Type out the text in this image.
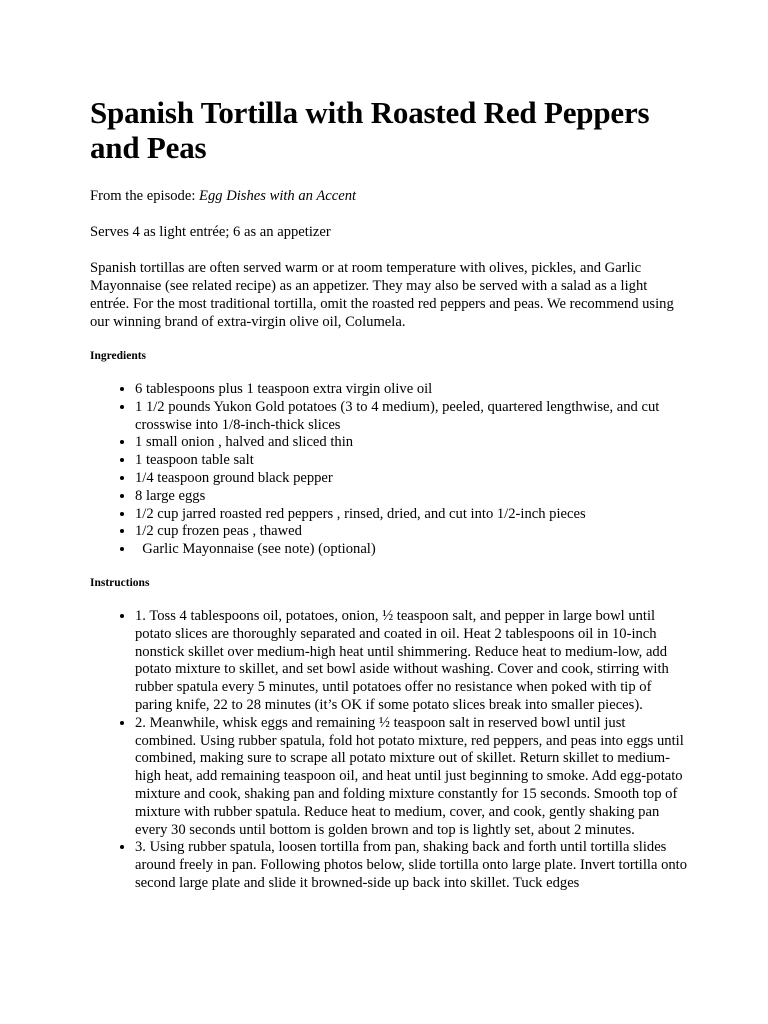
Spanish Tortilla with Roasted Red Peppers and Peas

From the episode: Egg Dishes with an Accent

Serves 4 as light entrée; 6 as an appetizer

Spanish tortillas are often served warm or at room temperature with olives, pickles, and Garlic Mayonnaise (see related recipe) as an appetizer. They may also be served with a salad as a light entrée. For the most traditional tortilla, omit the roasted red peppers and peas. We recommend using our winning brand of extra-virgin olive oil, Columela.

Ingredients
• 6 tablespoons plus 1 teaspoon extra virgin olive oil
• 1 1/2 pounds Yukon Gold potatoes (3 to 4 medium), peeled, quartered lengthwise, and cut crosswise into 1/8-inch-thick slices
• 1 small onion , halved and sliced thin
• 1 teaspoon table salt
• 1/4 teaspoon ground black pepper
• 8 large eggs
• 1/2 cup jarred roasted red peppers , rinsed, dried, and cut into 1/2-inch pieces
• 1/2 cup frozen peas , thawed
•   Garlic Mayonnaise (see note) (optional)
Instructions
• 1. Toss 4 tablespoons oil, potatoes, onion, ½ teaspoon salt, and pepper in large bowl until potato slices are thoroughly separated and coated in oil. Heat 2 tablespoons oil in 10-inch nonstick skillet over medium-high heat until shimmering. Reduce heat to medium-low, add potato mixture to skillet, and set bowl aside without washing. Cover and cook, stirring with rubber spatula every 5 minutes, until potatoes offer no resistance when poked with tip of paring knife, 22 to 28 minutes (it’s OK if some potato slices break into smaller pieces).
• 2. Meanwhile, whisk eggs and remaining ½ teaspoon salt in reserved bowl until just combined. Using rubber spatula, fold hot potato mixture, red peppers, and peas into eggs until combined, making sure to scrape all potato mixture out of skillet. Return skillet to medium-high heat, add remaining teaspoon oil, and heat until just beginning to smoke. Add egg-potato mixture and cook, shaking pan and folding mixture constantly for 15 seconds. Smooth top of mixture with rubber spatula. Reduce heat to medium, cover, and cook, gently shaking pan every 30 seconds until bottom is golden brown and top is lightly set, about 2 minutes.
• 3. Using rubber spatula, loosen tortilla from pan, shaking back and forth until tortilla slides around freely in pan. Following photos below, slide tortilla onto large plate. Invert tortilla onto second large plate and slide it browned-side up back into skillet. Tuck edges
